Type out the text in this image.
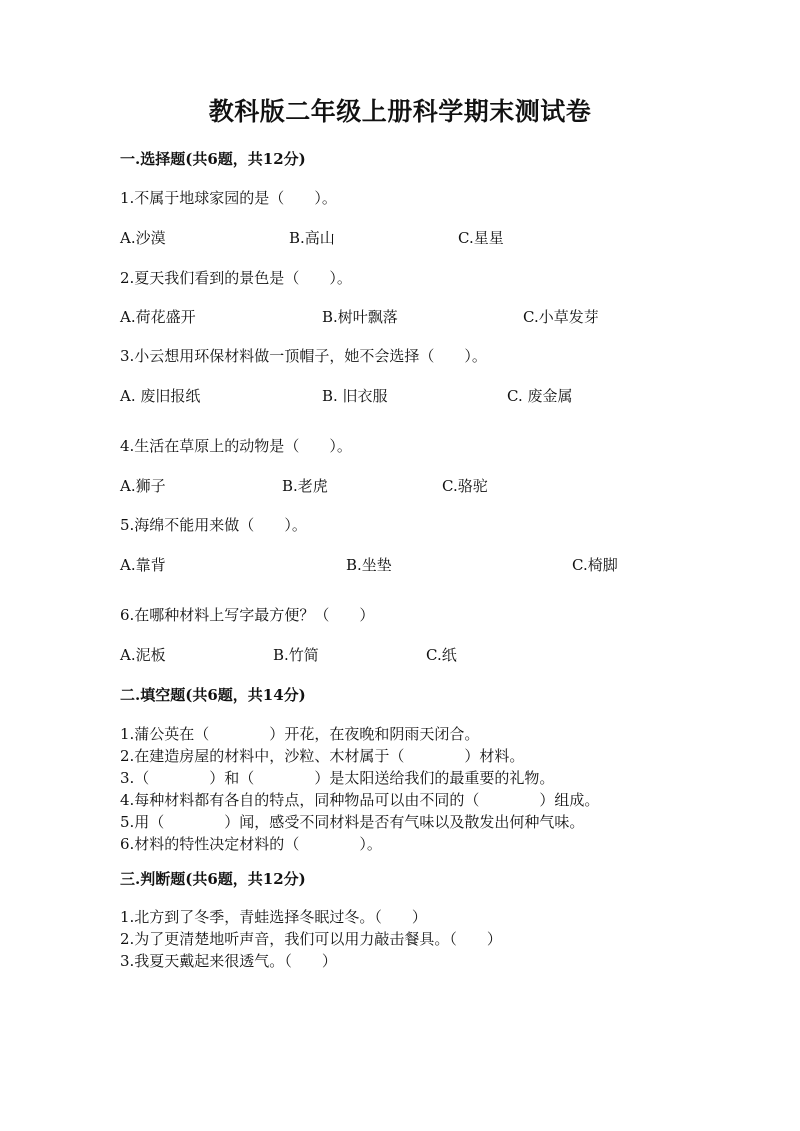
教科版二年级上册科学期末测试卷
一.选择题(共6题，共12分)
1.不属于地球家园的是（　　）。
A.沙漠	B.高山	C.星星
2.夏天我们看到的景色是（　　）。
A.荷花盛开	B.树叶飘落	C.小草发芽
3.小云想用环保材料做一顶帽子，她不会选择（　　）。
A. 废旧报纸	B. 旧衣服	C. 废金属
4.生活在草原上的动物是（　　）。
A.狮子	B.老虎	C.骆驼
5.海绵不能用来做（　　）。
A.靠背	B.坐垫	C.椅脚
6.在哪种材料上写字最方便？（　　）
A.泥板	B.竹简	C.纸
二.填空题(共6题，共14分)
1.蒲公英在（　　　　）开花，在夜晚和阴雨天闭合。
2.在建造房屋的材料中，沙粒、木材属于（　　　　）材料。
3.（　　　　）和（　　　　）是太阳送给我们的最重要的礼物。
4.每种材料都有各自的特点，同种物品可以由不同的（　　　　）组成。
5.用（　　　　）闻，感受不同材料是否有气味以及散发出何种气味。
6.材料的特性决定材料的（　　　　）。
三.判断题(共6题，共12分)
1.北方到了冬季，青蛙选择冬眠过冬。（　　）
2.为了更清楚地听声音，我们可以用力敲击餐具。（　　）
3.我夏天戴起来很透气。（　　）
